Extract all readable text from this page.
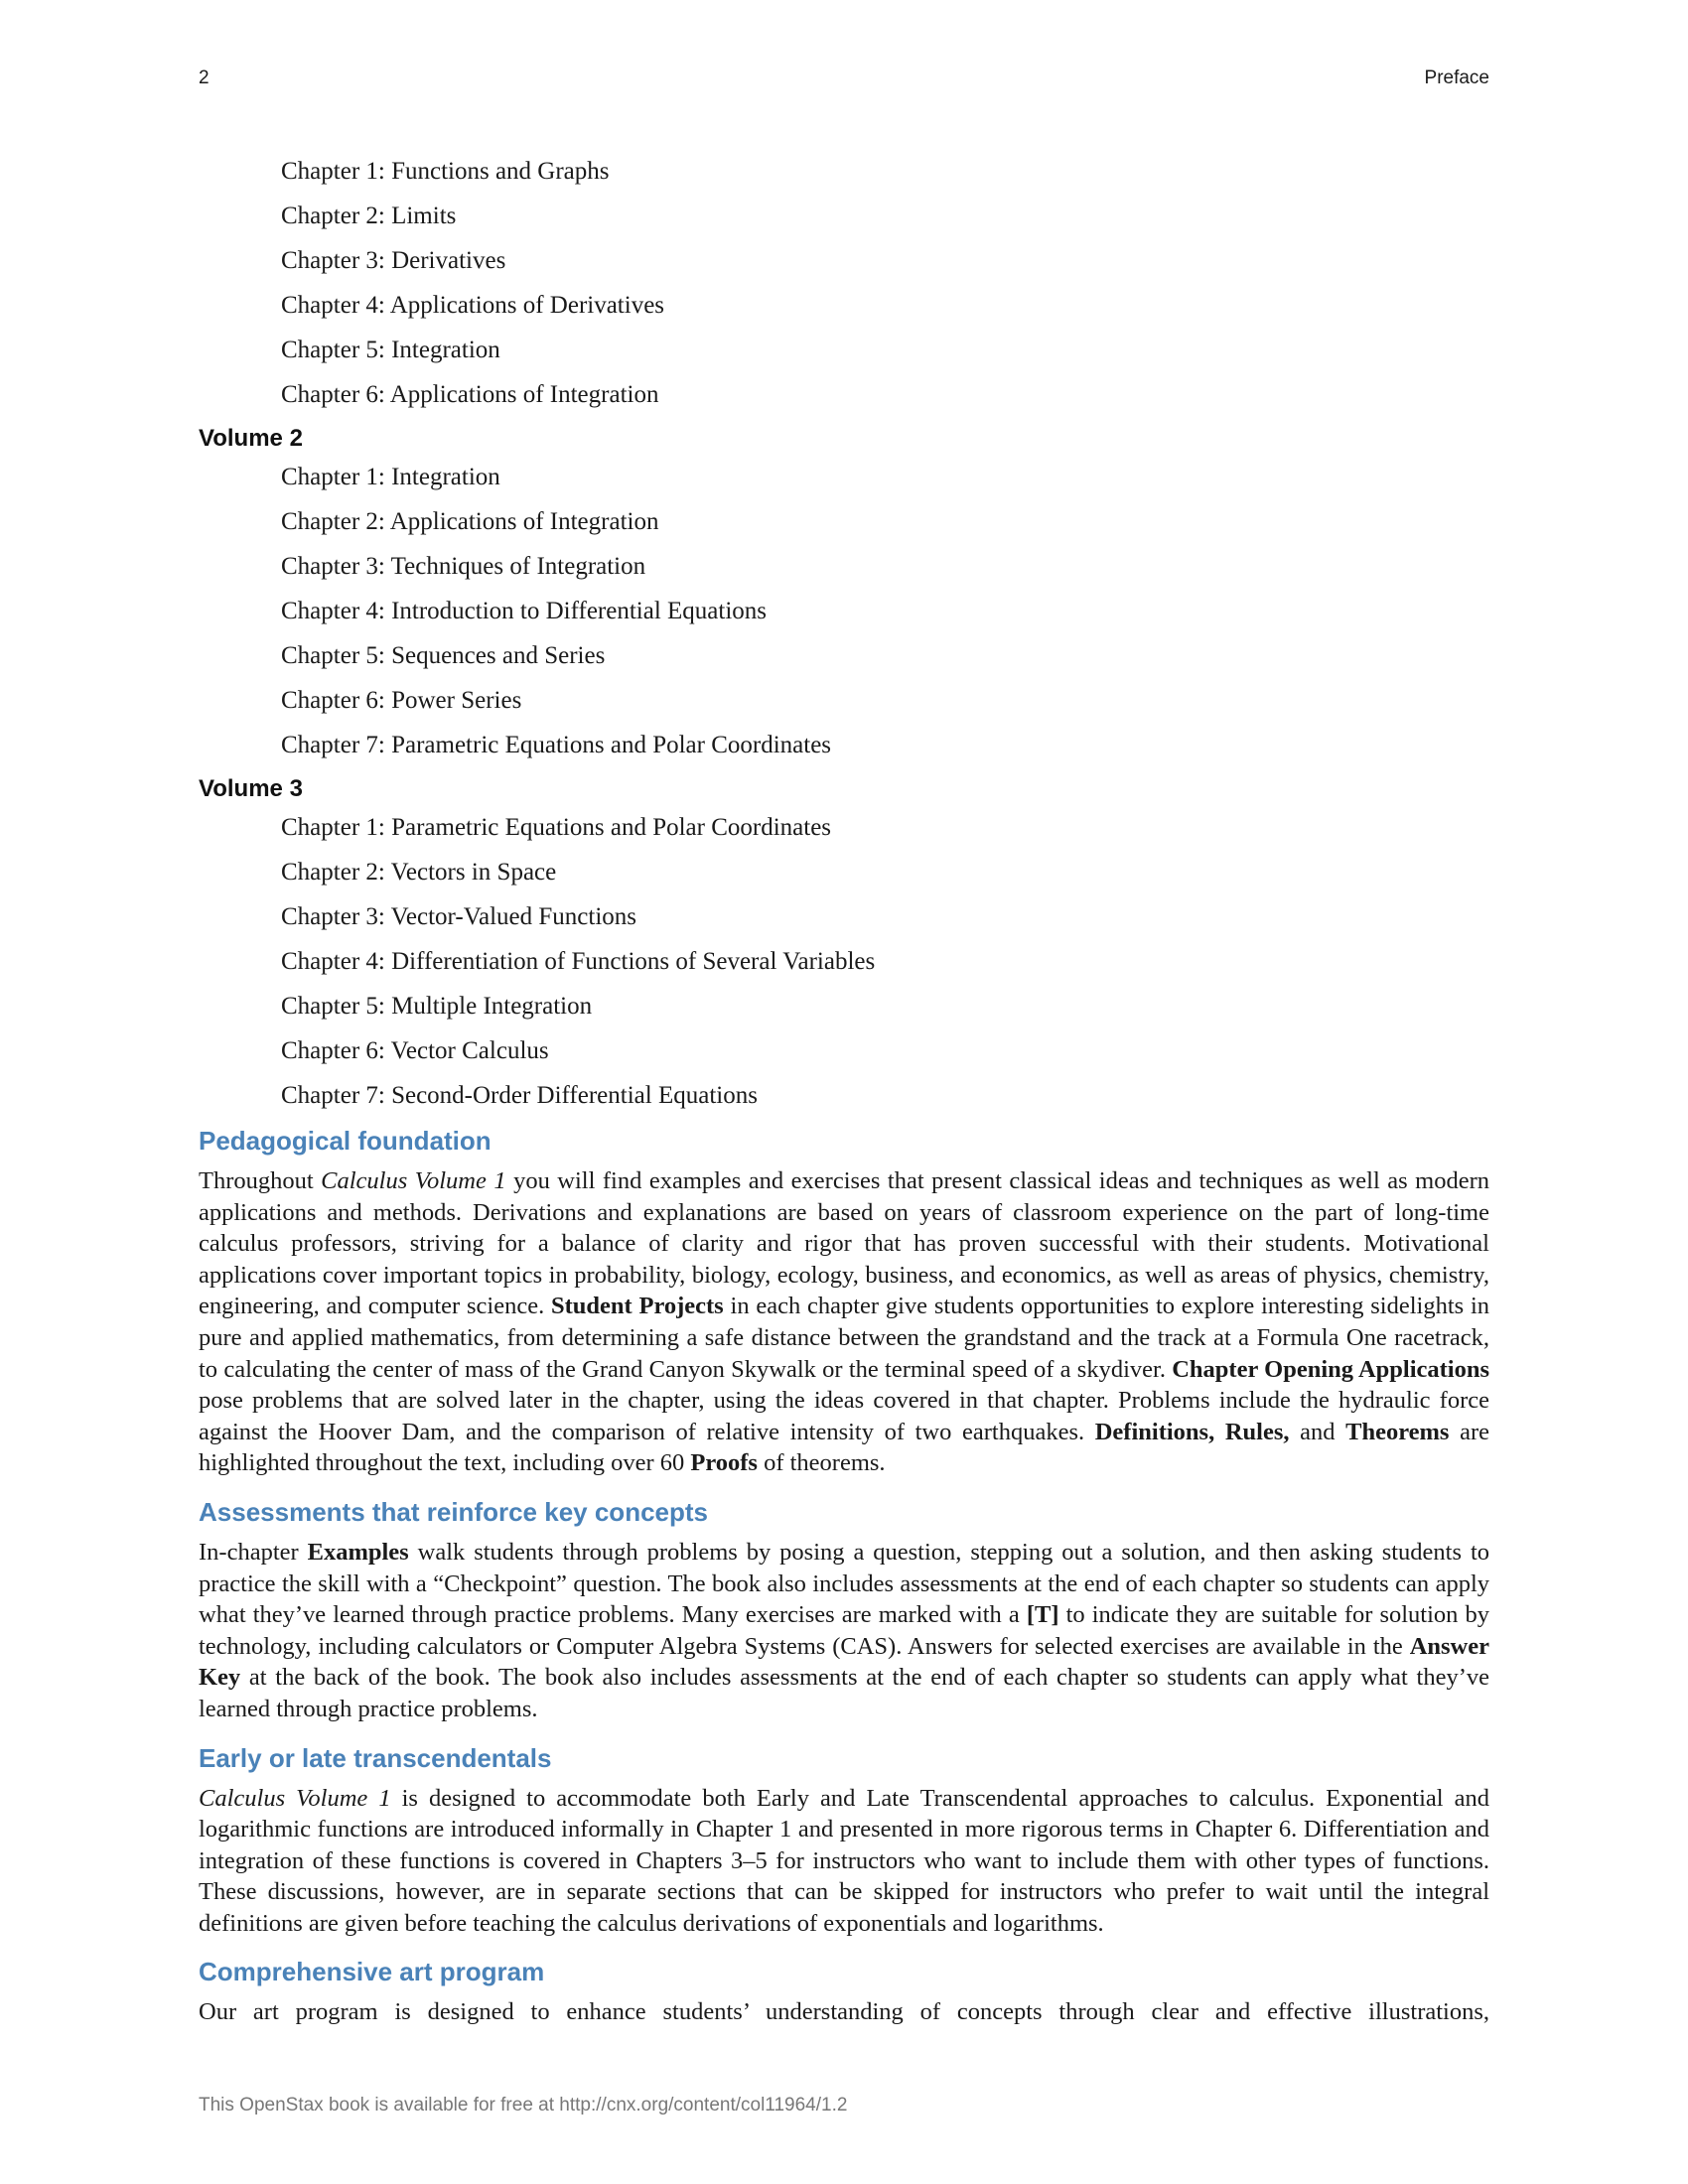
2	Preface
Chapter 1: Functions and Graphs
Chapter 2: Limits
Chapter 3: Derivatives
Chapter 4: Applications of Derivatives
Chapter 5: Integration
Chapter 6: Applications of Integration
Volume 2
Chapter 1: Integration
Chapter 2: Applications of Integration
Chapter 3: Techniques of Integration
Chapter 4: Introduction to Differential Equations
Chapter 5: Sequences and Series
Chapter 6: Power Series
Chapter 7: Parametric Equations and Polar Coordinates
Volume 3
Chapter 1: Parametric Equations and Polar Coordinates
Chapter 2: Vectors in Space
Chapter 3: Vector-Valued Functions
Chapter 4: Differentiation of Functions of Several Variables
Chapter 5: Multiple Integration
Chapter 6: Vector Calculus
Chapter 7: Second-Order Differential Equations
Pedagogical foundation

Throughout Calculus Volume 1 you will find examples and exercises that present classical ideas and techniques as well as modern applications and methods. Derivations and explanations are based on years of classroom experience on the part of long-time calculus professors, striving for a balance of clarity and rigor that has proven successful with their students. Motivational applications cover important topics in probability, biology, ecology, business, and economics, as well as areas of physics, chemistry, engineering, and computer science. Student Projects in each chapter give students opportunities to explore interesting sidelights in pure and applied mathematics, from determining a safe distance between the grandstand and the track at a Formula One racetrack, to calculating the center of mass of the Grand Canyon Skywalk or the terminal speed of a skydiver. Chapter Opening Applications pose problems that are solved later in the chapter, using the ideas covered in that chapter. Problems include the hydraulic force against the Hoover Dam, and the comparison of relative intensity of two earthquakes. Definitions, Rules, and Theorems are highlighted throughout the text, including over 60 Proofs of theorems.

Assessments that reinforce key concepts

In-chapter Examples walk students through problems by posing a question, stepping out a solution, and then asking students to practice the skill with a “Checkpoint” question. The book also includes assessments at the end of each chapter so students can apply what they’ve learned through practice problems. Many exercises are marked with a [T] to indicate they are suitable for solution by technology, including calculators or Computer Algebra Systems (CAS). Answers for selected exercises are available in the Answer Key at the back of the book. The book also includes assessments at the end of each chapter so students can apply what they’ve learned through practice problems.

Early or late transcendentals

Calculus Volume 1 is designed to accommodate both Early and Late Transcendental approaches to calculus. Exponential and logarithmic functions are introduced informally in Chapter 1 and presented in more rigorous terms in Chapter 6. Differentiation and integration of these functions is covered in Chapters 3–5 for instructors who want to include them with other types of functions. These discussions, however, are in separate sections that can be skipped for instructors who prefer to wait until the integral definitions are given before teaching the calculus derivations of exponentials and logarithms.

Comprehensive art program

Our art program is designed to enhance students’ understanding of concepts through clear and effective illustrations,

This OpenStax book is available for free at http://cnx.org/content/col11964/1.2
